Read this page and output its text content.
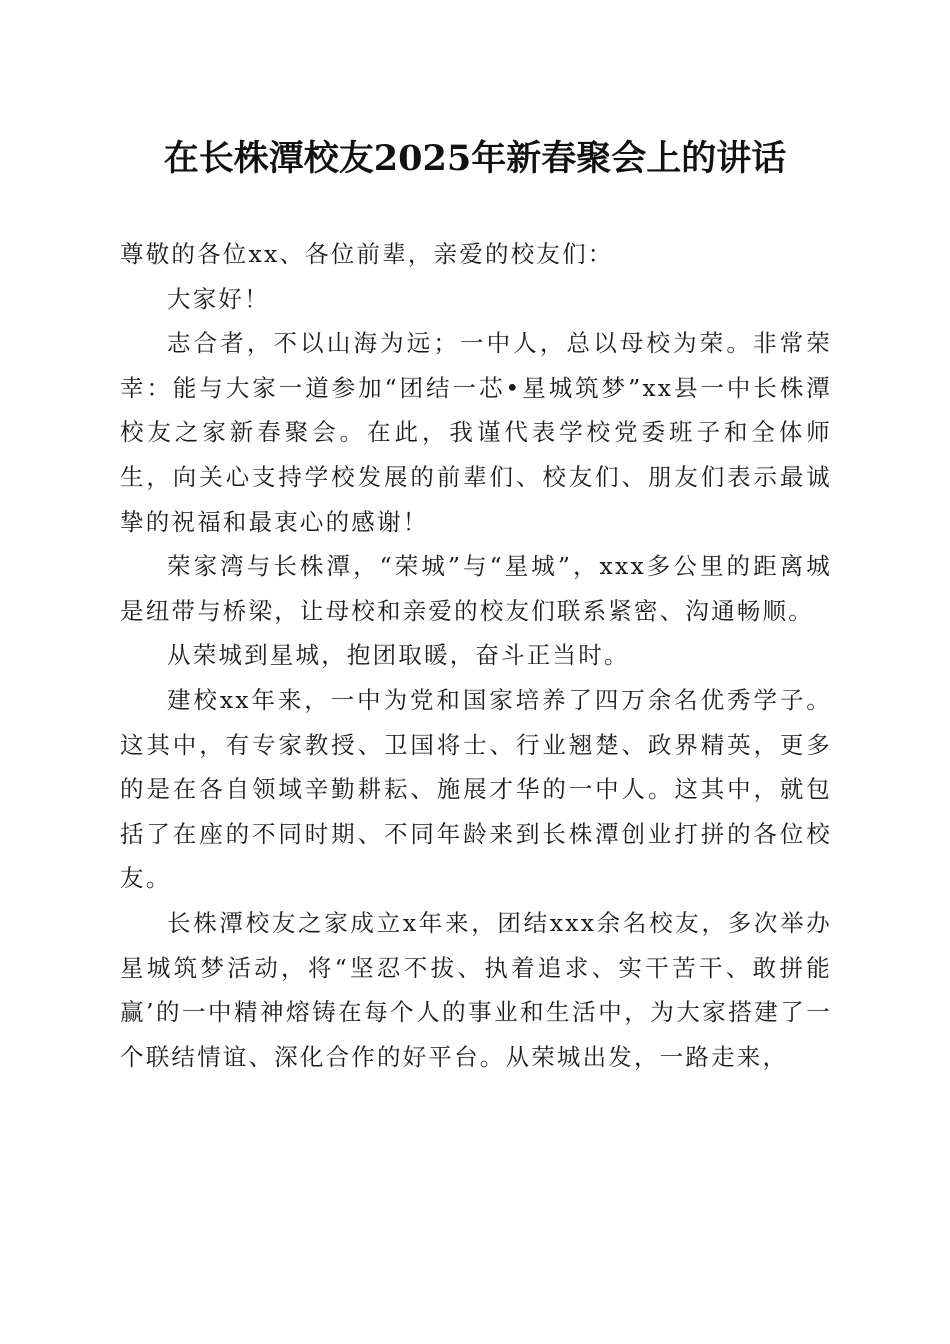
在长株潭校友2025年新春聚会上的讲话

尊敬的各位xx、各位前辈，亲爱的校友们：

大家好！

志合者，不以山海为远；一中人，总以母校为荣。非常荣幸：能与大家一道参加“团结一芯•星城筑梦”xx县一中长株潭校友之家新春聚会。在此，我谨代表学校党委班子和全体师生，向关心支持学校发展的前辈们、校友们、朋友们表示最诚挚的祝福和最衷心的感谢！

荣家湾与长株潭，“荣城”与“星城”，xxx多公里的距离城是纽带与桥梁，让母校和亲爱的校友们联系紧密、沟通畅顺。

从荣城到星城，抱团取暖，奋斗正当时。

建校xx年来，一中为党和国家培养了四万余名优秀学子。这其中，有专家教授、卫国将士、行业翘楚、政界精英，更多的是在各自领域辛勤耕耘、施展才华的一中人。这其中，就包括了在座的不同时期、不同年龄来到长株潭创业打拼的各位校友。

长株潭校友之家成立x年来，团结xxx余名校友，多次举办星城筑梦活动，将“坚忍不拔、执着追求、实干苦干、敢拼能赢’的一中精神熔铸在每个人的事业和生活中，为大家搭建了一个联结情谊、深化合作的好平台。从荣城出发，一路走来，
